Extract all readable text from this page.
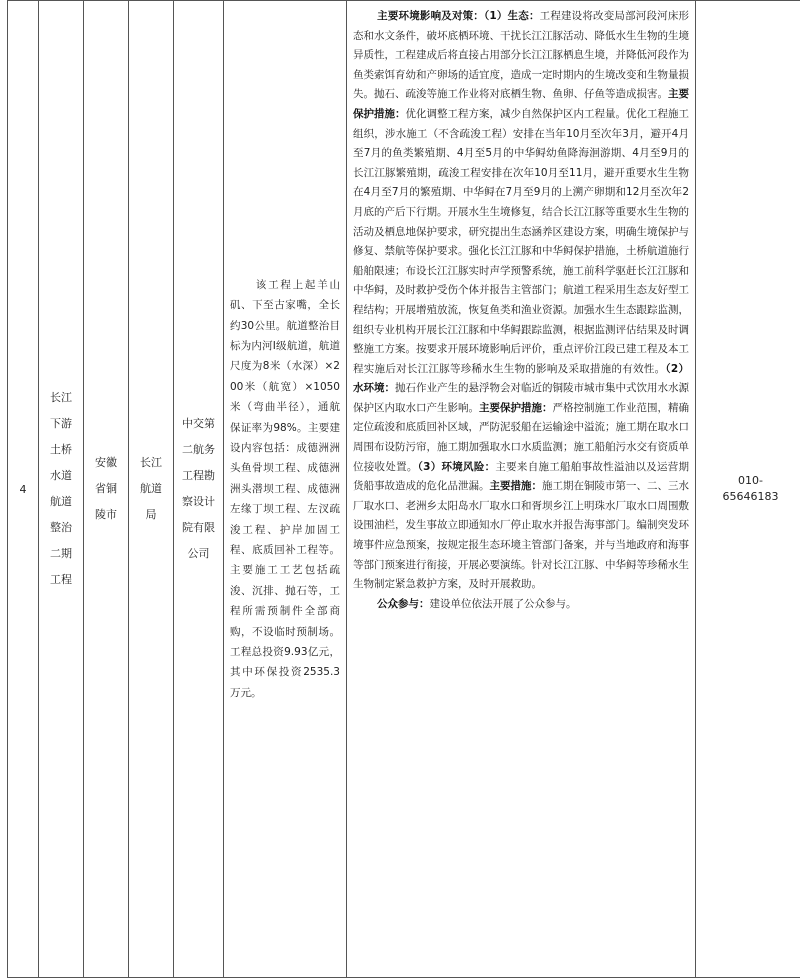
4	
长江下游土桥水道航道整治二期工程

安徽省铜陵市

长江航道局

中交第二航务工程勘察设计院有限公司

该工程上起羊山矶、下至古家嘴，全长约30公里。航道整治目标为内河Ⅰ级航道，航道尺度为8米（水深）×200米（航宽）×1050米（弯曲半径），通航保证率为98%。主要建设内容包括：成德洲洲头鱼骨坝工程、成德洲洲头潜坝工程、成德洲左缘丁坝工程、左汊疏浚工程、护岸加固工程、底质回补工程等。主要施工工艺包括疏浚、沉排、抛石等，工程所需预制件全部商购，不设临时预制场。工程总投资9.93亿元，其中环保投资2535.3万元。

主要环境影响及对策：（1）生态：工程建设将改变局部河段河床形态和水文条件，破坏底栖环境、干扰长江江豚活动、降低水生生物的生境异质性，工程建成后将直接占用部分长江江豚栖息生境，并降低河段作为鱼类索饵育幼和产卵场的适宜度，造成一定时期内的生境改变和生物量损失。抛石、疏浚等施工作业将对底栖生物、鱼卵、仔鱼等造成损害。主要保护措施：优化调整工程方案，减少自然保护区内工程量。优化工程施工组织，涉水施工（不含疏浚工程）安排在当年10月至次年3月，避开4月至7月的鱼类繁殖期、4月至5月的中华鲟幼鱼降海洄游期、4月至9月的长江江豚繁殖期，疏浚工程安排在次年10月至11月，避开重要水生生物在4月至7月的繁殖期、中华鲟在7月至9月的上溯产卵期和12月至次年2月底的产后下行期。开展水生生境修复，结合长江江豚等重要水生生物的活动及栖息地保护要求，研究提出生态涵养区建设方案，明确生境保护与修复、禁航等保护要求。强化长江江豚和中华鲟保护措施，土桥航道施行船舶限速；布设长江江豚实时声学预警系统，施工前科学驱赶长江江豚和中华鲟，及时救护受伤个体并报告主管部门；航道工程采用生态友好型工程结构；开展增殖放流，恢复鱼类和渔业资源。加强水生生态跟踪监测，组织专业机构开展长江江豚和中华鲟跟踪监测，根据监测评估结果及时调整施工方案。按要求开展环境影响后评价，重点评价江段已建工程及本工程实施后对长江江豚等珍稀水生生物的影响及采取措施的有效性。（2）水环境：抛石作业产生的悬浮物会对临近的铜陵市城市集中式饮用水水源保护区内取水口产生影响。主要保护措施：严格控制施工作业范围，精确定位疏浚和底质回补区域，严防泥驳船在运输途中溢流；施工期在取水口周围布设防污帘，施工期加强取水口水质监测；施工船舶污水交有资质单位接收处置。（3）环境风险：主要来自施工船舶事故性溢油以及运营期货船事故造成的危化品泄漏。主要措施：施工期在铜陵市第一、二、三水厂取水口、老洲乡太阳岛水厂取水口和胥坝乡江上明珠水厂取水口周围敷设围油栏，发生事故立即通知水厂停止取水并报告海事部门。编制突发环境事件应急预案，按规定报生态环境主管部门备案，并与当地政府和海事等部门预案进行衔接，开展必要演练。针对长江江豚、中华鲟等珍稀水生生物制定紧急救护方案，及时开展救助。
公众参与：建设单位依法开展了公众参与。

010-
65646183
